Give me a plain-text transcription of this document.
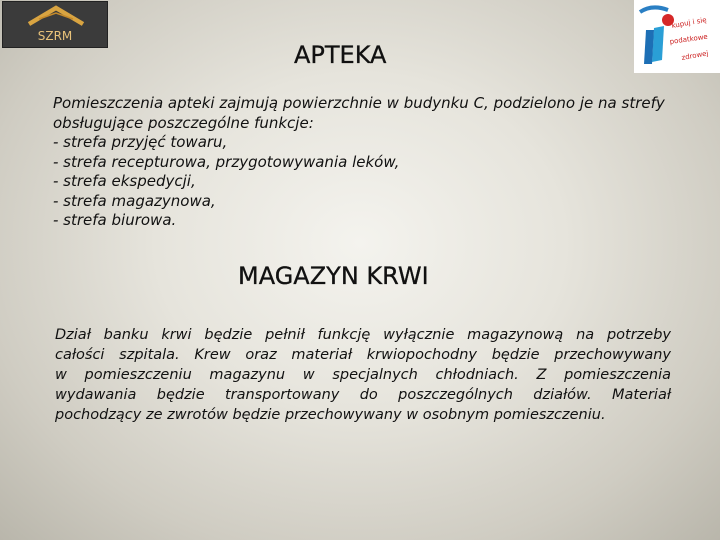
SZRM
kupuj i się
podatkowe
zdrowej
APTEKA
Pomieszczenia apteki zajmują powierzchnie w budynku C, podzielono je na strefy
obsługujące poszczególne funkcje:
- strefa przyjęć towaru,
- strefa recepturowa, przygotowywania leków,
- strefa ekspedycji,
- strefa magazynowa,
- strefa biurowa.
MAGAZYN KRWI
Dział banku krwi będzie pełnił funkcję wyłącznie magazynową na potrzeby
całości szpitala. Krew oraz materiał krwiopochodny będzie przechowywany
w pomieszczeniu magazynu w specjalnych chłodniach. Z pomieszczenia
wydawania będzie transportowany do poszczególnych działów. Materiał
pochodzący ze zwrotów będzie przechowywany w osobnym pomieszczeniu.
